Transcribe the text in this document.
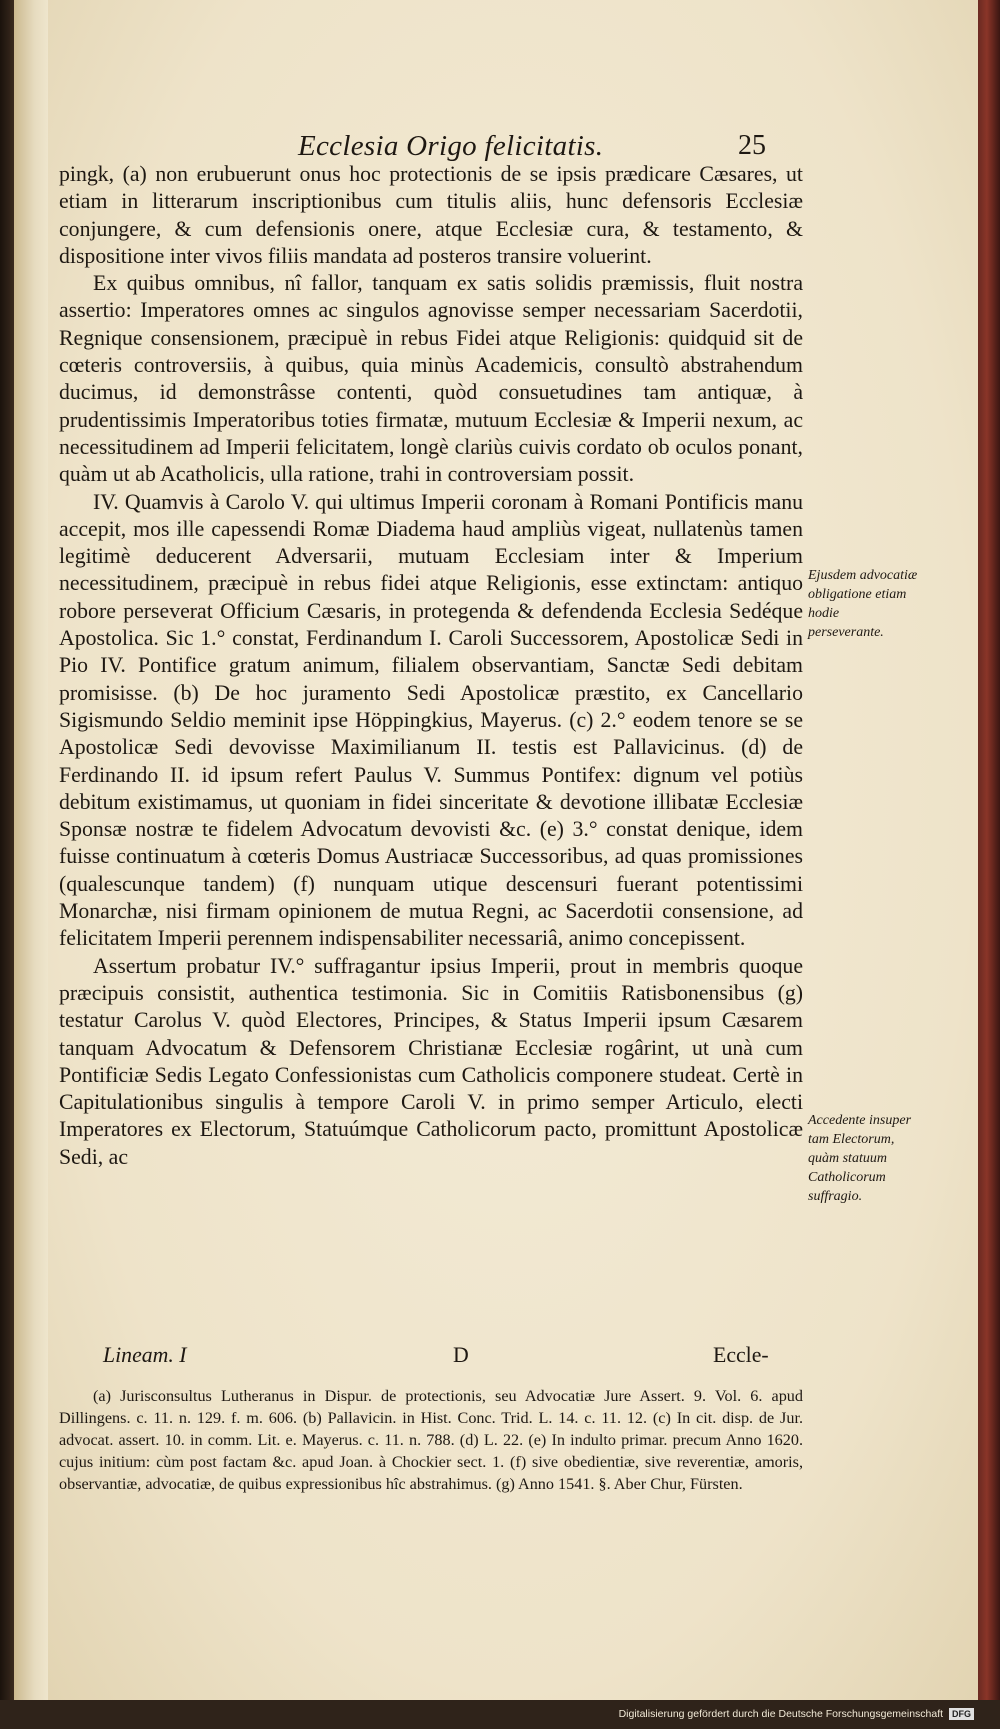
Ecclesia Origo felicitatis.	25

pingk, (a) non erubuerunt onus hoc protectionis de se ipsis prædicare Cæsares, ut etiam in litterarum inscriptionibus cum titulis aliis, hunc defensoris Ecclesiæ conjungere, & cum defensionis onere, atque Ecclesiæ cura, & testamento, & dispositione inter vivos filiis mandata ad posteros transire voluerint.

Ex quibus omnibus, nî fallor, tanquam ex satis solidis præmissis, fluit nostra assertio: Imperatores omnes ac singulos agnovisse semper necessariam Sacerdotii, Regnique consensionem, præcipuè in rebus Fidei atque Religionis: quidquid sit de cœteris controversiis, à quibus, quia minùs Academicis, consultò abstrahendum ducimus, id demonstrâsse contenti, quòd consuetudines tam antiquæ, à prudentissimis Imperatoribus toties firmatæ, mutuum Ecclesiæ & Imperii nexum, ac necessitudinem ad Imperii felicitatem, longè clariùs cuivis cordato ob oculos ponant, quàm ut ab Acatholicis, ulla ratione, trahi in controversiam possit.

IV. Quamvis à Carolo V. qui ultimus Imperii coronam à Romani Pontificis manu accepit, mos ille capessendi Romæ Diadema haud ampliùs vigeat, nullatenùs tamen legitimè deducerent Adversarii, mutuam Ecclesiam inter & Imperium necessitudinem, præcipuè in rebus fidei atque Religionis, esse extinctam: antiquo robore perseverat Officium Cæsaris, in protegenda & defendenda Ecclesia Sedéque Apostolica. Sic 1.° constat, Ferdinandum I. Caroli Successorem, Apostolicæ Sedi in Pio IV. Pontifice gratum animum, filialem observantiam, Sanctæ Sedi debitam promisisse. (b) De hoc juramento Sedi Apostolicæ præstito, ex Cancellario Sigismundo Seldio meminit ipse Höppingkius, Mayerus. (c) 2.° eodem tenore se se Apostolicæ Sedi devovisse Maximilianum II. testis est Pallavicinus. (d) de Ferdinando II. id ipsum refert Paulus V. Summus Pontifex: dignum vel potiùs debitum existimamus, ut quoniam in fidei sinceritate & devotione illibatæ Ecclesiæ Sponsæ nostræ te fidelem Advocatum devovisti &c. (e) 3.° constat denique, idem fuisse continuatum à cœteris Domus Austriacæ Successoribus, ad quas promissiones (qualescunque tandem) (f) nunquam utique descensuri fuerant potentissimi Monarchæ, nisi firmam opinionem de mutua Regni, ac Sacerdotii consensione, ad felicitatem Imperii perennem indispensabiliter necessariâ, animo concepissent.

Assertum probatur IV.° suffragantur ipsius Imperii, prout in membris quoque præcipuis consistit, authentica testimonia. Sic in Comitiis Ratisbonensibus (g) testatur Carolus V. quòd Electores, Principes, & Status Imperii ipsum Cæsarem tanquam Advocatum & Defensorem Christianæ Ecclesiæ rogârint, ut unà cum Pontificiæ Sedis Legato Confessionistas cum Catholicis componere studeat. Certè in Capitulationibus singulis à tempore Caroli V. in primo semper Articulo, electi Imperatores ex Electorum, Statuúmque Catholicorum pacto, promittunt Apostolicæ Sedi, ac

Lineam. I	D	Eccle-

(a) Jurisconsultus Lutheranus in Dispur. de protectionis, seu Advocatiæ Jure Assert. 9. Vol. 6. apud Dillingens. c. 11. n. 129. f. m. 606. (b) Pallavicin. in Hist. Conc. Trid. L. 14. c. 11. 12. (c) In cit. disp. de Jur. advocat. assert. 10. in comm. Lit. e. Mayerus. c. 11. n. 788. (d) L. 22. (e) In indulto primar. precum Anno 1620. cujus initium: cùm post factam &c. apud Joan. à Chockier sect. 1. (f) sive obedientiæ, sive reverentiæ, amoris, observantiæ, advocatiæ, de quibus expressionibus hîc abstrahimus. (g) Anno 1541. §. Aber Chur, Fürsten.

Ejusdem advocatiæ obligatione etiam hodie perseverante.
Accedente insuper tam Electorum, quàm statuum Catholicorum suffragio.
Digitalisierung gefördert durch die Deutsche Forschungsgemeinschaft DFG
